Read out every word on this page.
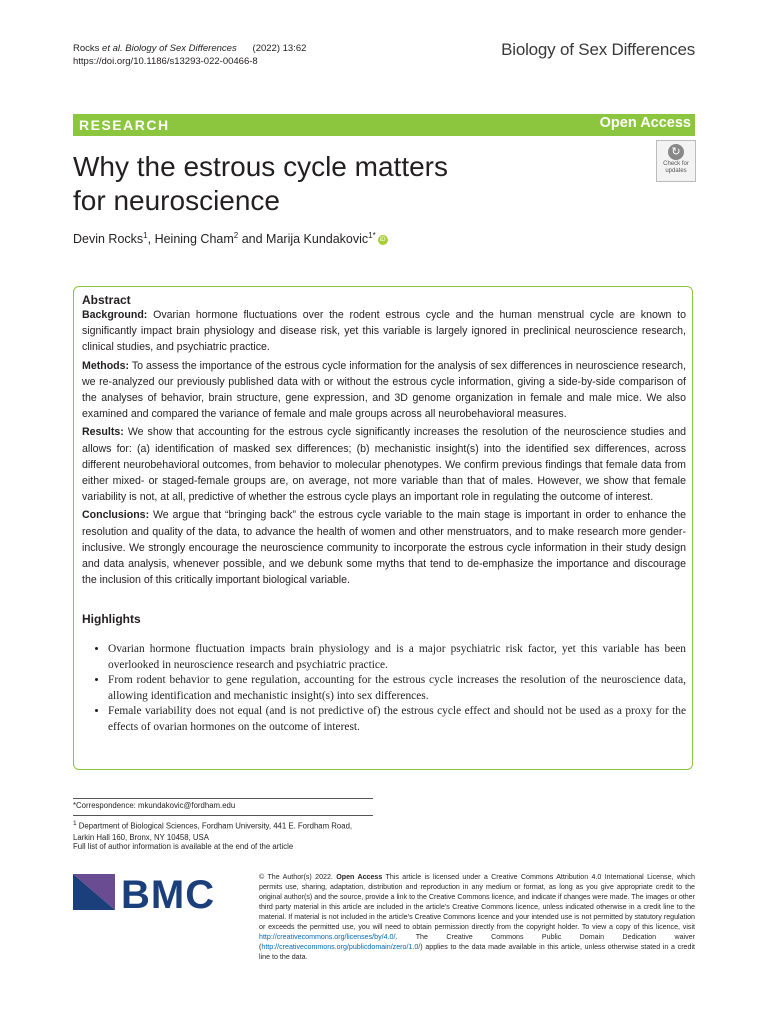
Rocks et al. Biology of Sex Differences (2022) 13:62
https://doi.org/10.1186/s13293-022-00466-8
Biology of Sex Differences
RESEARCH	Open Access
Why the estrous cycle matters
for neuroscience
↻
Check for
updates
Devin Rocks$^1$, Heining Cham$^2$ and Marija Kundakovic$^{1*}$ iD
Abstract

Background: Ovarian hormone fluctuations over the rodent estrous cycle and the human menstrual cycle are known to significantly impact brain physiology and disease risk, yet this variable is largely ignored in preclinical neuroscience research, clinical studies, and psychiatric practice.

Methods: To assess the importance of the estrous cycle information for the analysis of sex differences in neuroscience research, we re-analyzed our previously published data with or without the estrous cycle information, giving a side-by-side comparison of the analyses of behavior, brain structure, gene expression, and 3D genome organization in female and male mice. We also examined and compared the variance of female and male groups across all neurobehavioral measures.

Results: We show that accounting for the estrous cycle significantly increases the resolution of the neuroscience studies and allows for: (a) identification of masked sex differences; (b) mechanistic insight(s) into the identified sex differences, across different neurobehavioral outcomes, from behavior to molecular phenotypes. We confirm previous findings that female data from either mixed- or staged-female groups are, on average, not more variable than that of males. However, we show that female variability is not, at all, predictive of whether the estrous cycle plays an important role in regulating the outcome of interest.

Conclusions: We argue that “bringing back” the estrous cycle variable to the main stage is important in order to enhance the resolution and quality of the data, to advance the health of women and other menstruators, and to make research more gender-inclusive. We strongly encourage the neuroscience community to incorporate the estrous cycle information in their study design and data analysis, whenever possible, and we debunk some myths that tend to de-emphasize the importance and discourage the inclusion of this critically important biological variable.

Highlights
• Ovarian hormone fluctuation impacts brain physiology and is a major psychiatric risk factor, yet this variable has been overlooked in neuroscience research and psychiatric practice.
• From rodent behavior to gene regulation, accounting for the estrous cycle increases the resolution of the neuroscience data, allowing identification and mechanistic insight(s) into sex differences.
• Female variability does not equal (and is not predictive of) the estrous cycle effect and should not be used as a proxy for the effects of ovarian hormones on the outcome of interest.
*Correspondence: mkundakovic@fordham.edu
$^1$ Department of Biological Sciences, Fordham University, 441 E. Fordham Road, Larkin Hall 160, Bronx, NY 10458, USA
Full list of author information is available at the end of the article
BMC	© The Author(s) 2022. Open Access This article is licensed under a Creative Commons Attribution 4.0 International License, which permits use, sharing, adaptation, distribution and reproduction in any medium or format, as long as you give appropriate credit to the original author(s) and the source, provide a link to the Creative Commons licence, and indicate if changes were made. The images or other third party material in this article are included in the article’s Creative Commons licence, unless indicated otherwise in a credit line to the material. If material is not included in the article’s Creative Commons licence and your intended use is not permitted by statutory regulation or exceeds the permitted use, you will need to obtain permission directly from the copyright holder. To view a copy of this licence, visit http://creativecommons.org/licenses/by/4.0/. The Creative Commons Public Domain Dedication waiver (http://creativecommons.org/publicdomain/zero/1.0/) applies to the data made available in this article, unless otherwise stated in a credit line to the data.
